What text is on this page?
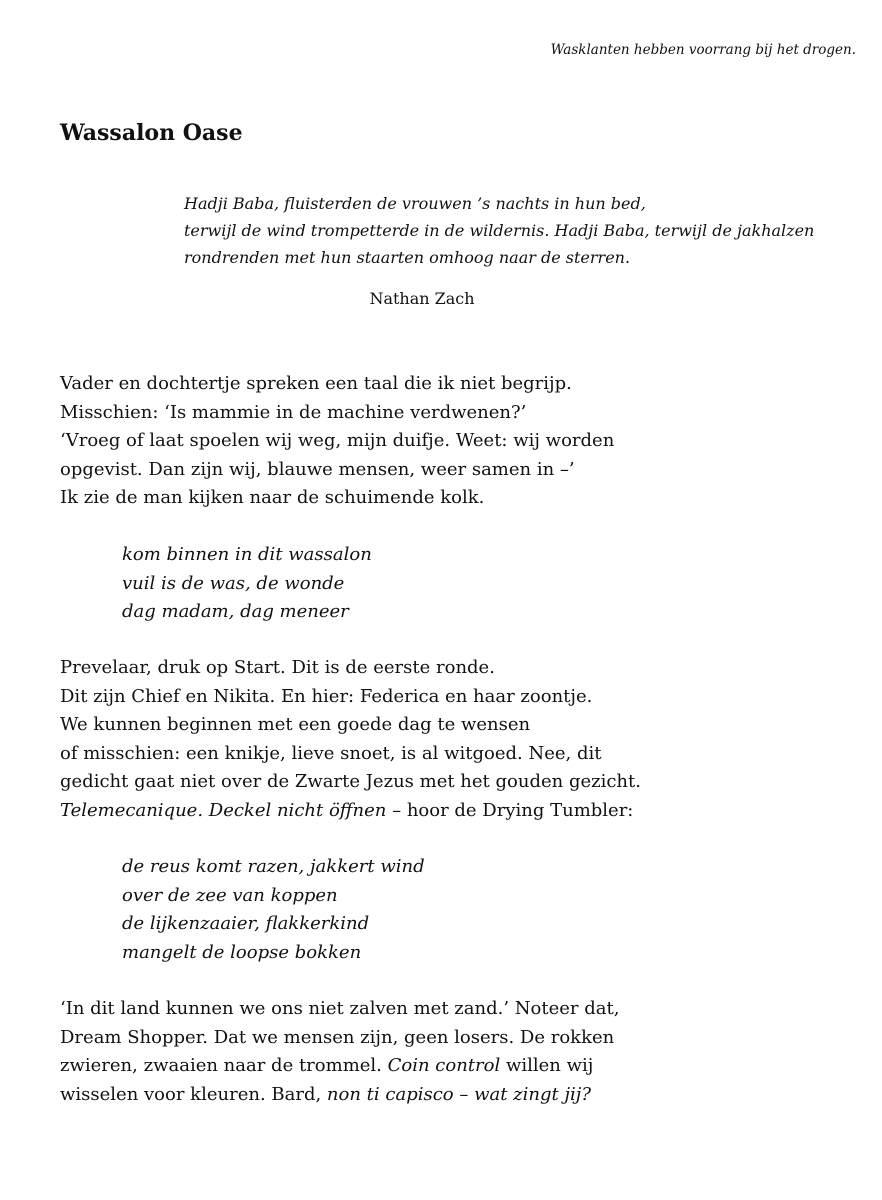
Wasklanten hebben voorrang bij het drogen.
Wassalon Oase
Hadji Baba, fluisterden de vrouwen ’s nachts in hun bed,
terwijl de wind trompetterde in de wildernis. Hadji Baba, terwijl de jakhalzen
rondrenden met hun staarten omhoog naar de sterren.
Nathan Zach
Vader en dochtertje spreken een taal die ik niet begrijp.
Misschien: ‘Is mammie in de machine verdwenen?’
‘Vroeg of laat spoelen wij weg, mijn duifje. Weet: wij worden
opgevist. Dan zijn wij, blauwe mensen, weer samen in –’
Ik zie de man kijken naar de schuimende kolk.
kom binnen in dit wassalon
vuil is de was, de wonde
dag madam, dag meneer
Prevelaar, druk op Start. Dit is de eerste ronde.
Dit zijn Chief en Nikita. En hier: Federica en haar zoontje.
We kunnen beginnen met een goede dag te wensen
of misschien: een knikje, lieve snoet, is al witgoed. Nee, dit
gedicht gaat niet over de Zwarte Jezus met het gouden gezicht.
Telemecanique. Deckel nicht öffnen – hoor de Drying Tumbler:
de reus komt razen, jakkert wind
over de zee van koppen
de lijkenzaaier, flakkerkind
mangelt de loopse bokken
‘In dit land kunnen we ons niet zalven met zand.’ Noteer dat,
Dream Shopper. Dat we mensen zijn, geen losers. De rokken
zwieren, zwaaien naar de trommel. Coin control willen wij
wisselen voor kleuren. Bard, non ti capisco – wat zingt jij?
